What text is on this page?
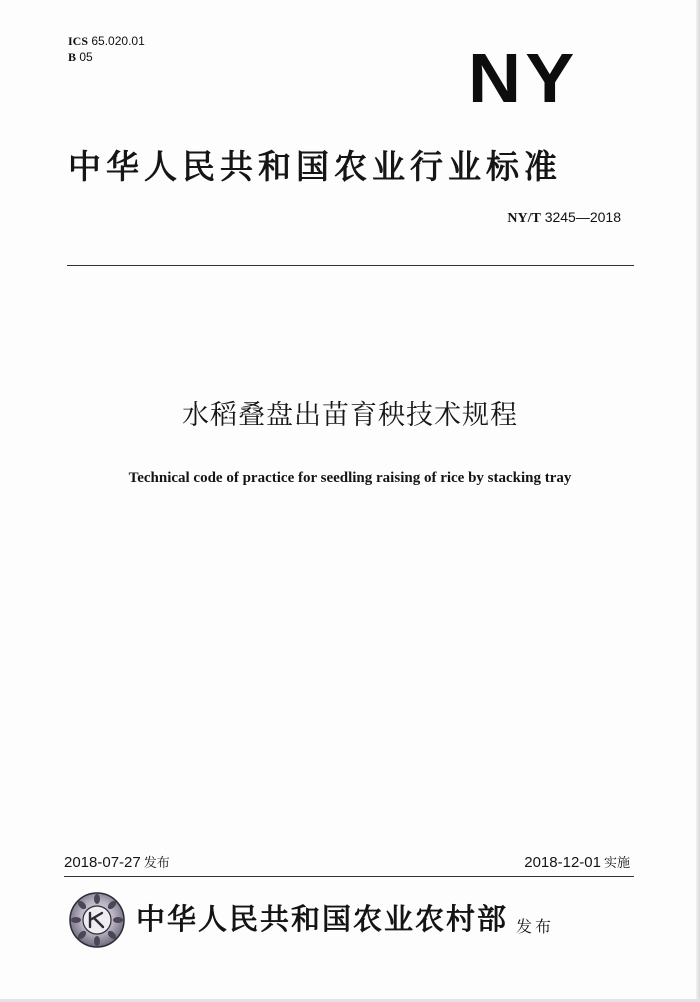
ICS 65.020.01
B 05	NY
中华人民共和国农业行业标准
NY/T 3245—2018
水稻叠盘出苗育秧技术规程
Technical code of practice for seedling raising of rice by stacking tray
2018-07-27 发布	2018-12-01 实施
中华人民共和国农业农村部 发布
